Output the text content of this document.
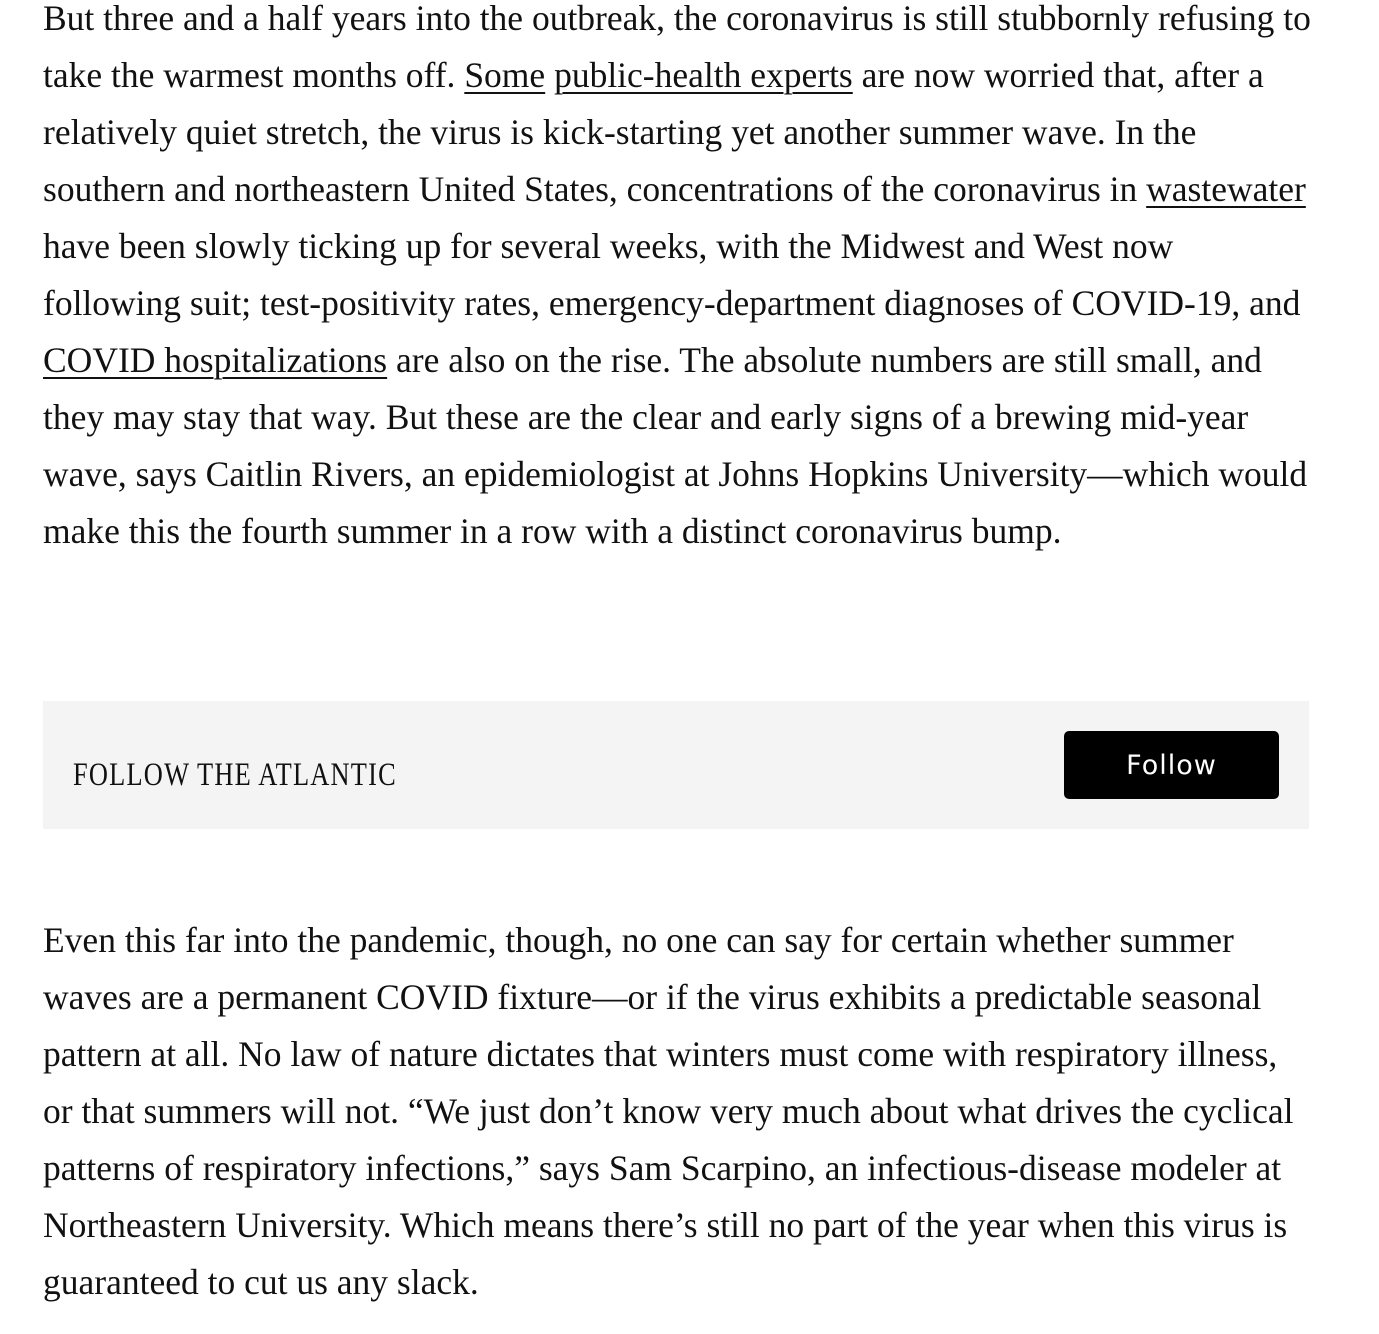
But three and a half years into the outbreak, the coronavirus is still stubbornly refusing to take the warmest months off. Some public-health experts are now worried that, after a relatively quiet stretch, the virus is kick-starting yet another summer wave. In the southern and northeastern United States, concentrations of the coronavirus in wastewater have been slowly ticking up for several weeks, with the Midwest and West now following suit; test-positivity rates, emergency-department diagnoses of COVID-19, and COVID hospitalizations are also on the rise. The absolute numbers are still small, and they may stay that way. But these are the clear and early signs of a brewing mid-year wave, says Caitlin Rivers, an epidemiologist at Johns Hopkins University—which would make this the fourth summer in a row with a distinct coronavirus bump.

Even this far into the pandemic, though, no one can say for certain whether summer waves are a permanent COVID fixture—or if the virus exhibits a predictable seasonal pattern at all. No law of nature dictates that winters must come with respiratory illness, or that summers will not. “We just don’t know very much about what drives the cyclical patterns of respiratory infections,” says Sam Scarpino, an infectious-disease modeler at Northeastern University. Which means there’s still no part of the year when this virus is guaranteed to cut us any slack.

FOLLOW THE ATLANTIC	Follow
